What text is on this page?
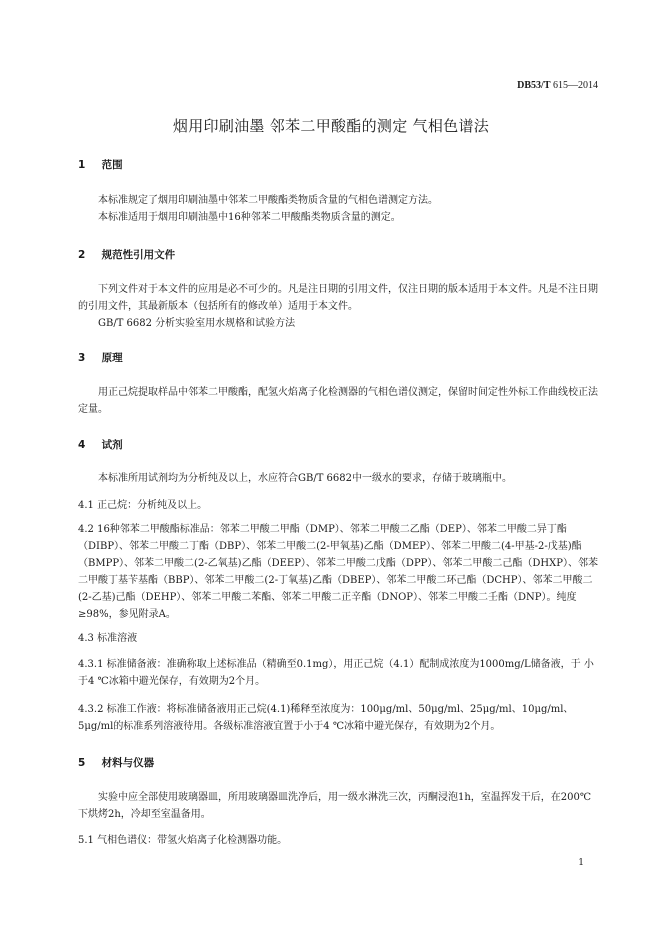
DB53/T 615—2014
烟用印刷油墨 邻苯二甲酸酯的测定 气相色谱法
1 范围

本标准规定了烟用印刷油墨中邻苯二甲酸酯类物质含量的气相色谱测定方法。

本标准适用于烟用印刷油墨中16种邻苯二甲酸酯类物质含量的测定。

2 规范性引用文件

下列文件对于本文件的应用是必不可少的。凡是注日期的引用文件，仅注日期的版本适用于本文件。凡是不注日期的引用文件，其最新版本（包括所有的修改单）适用于本文件。

GB/T 6682 分析实验室用水规格和试验方法

3 原理

用正己烷提取样品中邻苯二甲酸酯，配氢火焰离子化检测器的气相色谱仪测定，保留时间定性外标工作曲线校正法定量。

4 试剂

本标准所用试剂均为分析纯及以上，水应符合GB/T 6682中一级水的要求，存储于玻璃瓶中。

4.1 正己烷：分析纯及以上。

4.2 16种邻苯二甲酸酯标准品：邻苯二甲酸二甲酯（DMP）、邻苯二甲酸二乙酯（DEP）、邻苯二甲酸二异丁酯（DIBP）、邻苯二甲酸二丁酯（DBP）、邻苯二甲酸二(2-甲氧基)乙酯（DMEP）、邻苯二甲酸二(4-甲基-2-戊基)酯（BMPP）、邻苯二甲酸二(2-乙氧基)乙酯（DEEP）、邻苯二甲酸二戊酯（DPP）、邻苯二甲酸二己酯（DHXP）、邻苯二甲酸丁基苄基酯（BBP）、邻苯二甲酸二(2-丁氧基)乙酯（DBEP）、邻苯二甲酸二环己酯（DCHP）、邻苯二甲酸二(2-乙基)己酯（DEHP）、邻苯二甲酸二苯酯、邻苯二甲酸二正辛酯（DNOP）、邻苯二甲酸二壬酯（DNP）。纯度≥98%，参见附录A。

4.3 标准溶液

4.3.1 标准储备液：准确称取上述标准品（精确至0.1mg），用正己烷（4.1）配制成浓度为1000mg/L储备液，于 小于4 ℃冰箱中避光保存，有效期为2个月。

4.3.2 标准工作液：将标准储备液用正己烷(4.1)稀释至浓度为：100μg/ml、50μg/ml、25μg/ml、10μg/ml、5μg/ml的标准系列溶液待用。各级标准溶液宜置于小于4 ℃冰箱中避光保存，有效期为2个月。

5 材料与仪器

实验中应全部使用玻璃器皿，所用玻璃器皿洗净后，用一级水淋洗三次，丙酮浸泡1h，室温挥发干后，在200℃下烘烤2h，冷却至室温备用。

5.1 气相色谱仪：带氢火焰离子化检测器功能。

1
